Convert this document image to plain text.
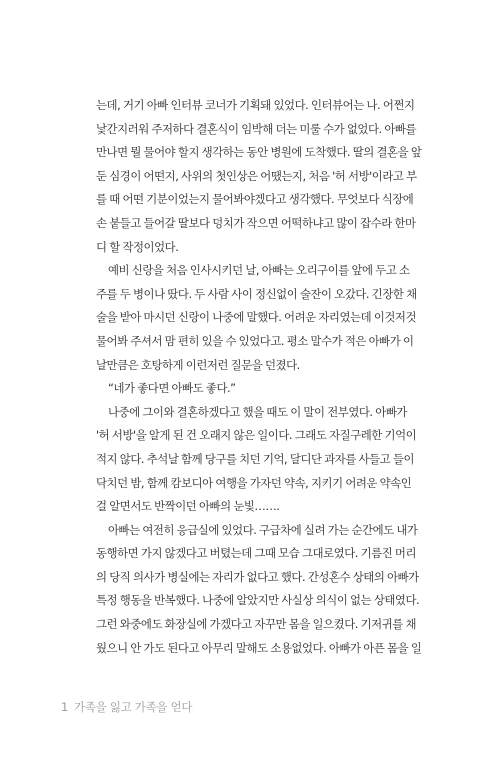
는데, 거기 아빠 인터뷰 코너가 기획돼 있었다. 인터뷰어는 나. 어쩐지
낯간지러워 주저하다 결혼식이 임박해 더는 미룰 수가 없었다. 아빠를
만나면 뭘 물어야 할지 생각하는 동안 병원에 도착했다. 딸의 결혼을 앞
둔 심경이 어떤지, 사위의 첫인상은 어땠는지, 처음 '허 서방'이라고 부
를 때 어떤 기분이었는지 물어봐야겠다고 생각했다. 무엇보다 식장에
손 붙들고 들어갈 딸보다 덩치가 작으면 어떡하냐고 많이 잡수라 한마
디 할 작정이었다.
예비 신랑을 처음 인사시키던 날, 아빠는 오리구이를 앞에 두고 소
주를 두 병이나 땄다. 두 사람 사이 정신없이 술잔이 오갔다. 긴장한 채
술을 받아 마시던 신랑이 나중에 말했다. 어려운 자리였는데 이것저것
물어봐 주셔서 맘 편히 있을 수 있었다고. 평소 말수가 적은 아빠가 이
날만큼은 호탕하게 이런저런 질문을 던졌다.
“네가 좋다면 아빠도 좋다.”
나중에 그이와 결혼하겠다고 했을 때도 이 말이 전부였다. 아빠가
'허 서방'을 알게 된 건 오래지 않은 일이다. 그래도 자질구레한 기억이
적지 않다. 추석날 함께 당구를 치던 기억, 달디단 과자를 사들고 들이
닥치던 밤, 함께 캄보디아 여행을 가자던 약속, 지키기 어려운 약속인
걸 알면서도 반짝이던 아빠의 눈빛…….
아빠는 여전히 응급실에 있었다. 구급차에 실려 가는 순간에도 내가
동행하면 가지 않겠다고 버텼는데 그때 모습 그대로였다. 기름진 머리
의 당직 의사가 병실에는 자리가 없다고 했다. 간성혼수 상태의 아빠가
특정 행동을 반복했다. 나중에 알았지만 사실상 의식이 없는 상태였다.
그런 와중에도 화장실에 가겠다고 자꾸만 몸을 일으켰다. 기저귀를 채
웠으니 안 가도 된다고 아무리 말해도 소용없었다. 아빠가 아픈 몸을 일
1 가족을 잃고 가족을 얻다
